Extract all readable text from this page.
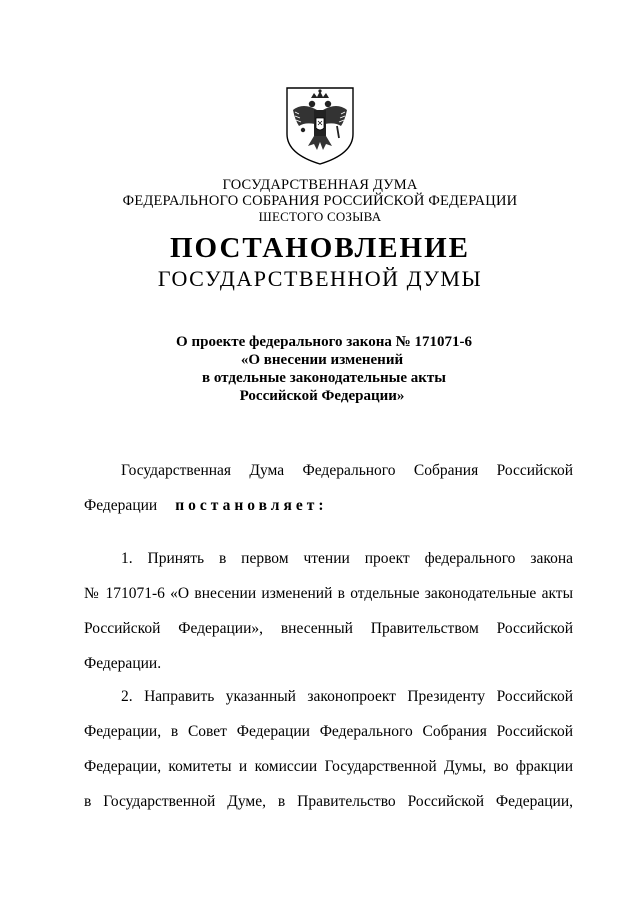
ГОСУДАРСТВЕННАЯ ДУМА
ФЕДЕРАЛЬНОГО СОБРАНИЯ РОССИЙСКОЙ ФЕДЕРАЦИИ
ШЕСТОГО СОЗЫВА
ПОСТАНОВЛЕНИЕ
ГОСУДАРСТВЕННОЙ ДУМЫ
О проекте федерального закона № 171071-6
«О внесении изменений
в отдельные законодательные акты
Российской Федерации»
Государственная Дума Федерального Собрания Российской
Федерации постановляет:
1. Принять в первом чтении проект федерального закона
№ 171071-6 «О внесении изменений в отдельные законодательные акты
Российской Федерации», внесенный Правительством Российской
Федерации.
2. Направить указанный законопроект Президенту Российской
Федерации, в Совет Федерации Федерального Собрания Российской
Федерации, комитеты и комиссии Государственной Думы, во фракции
в Государственной Думе, в Правительство Российской Федерации,
